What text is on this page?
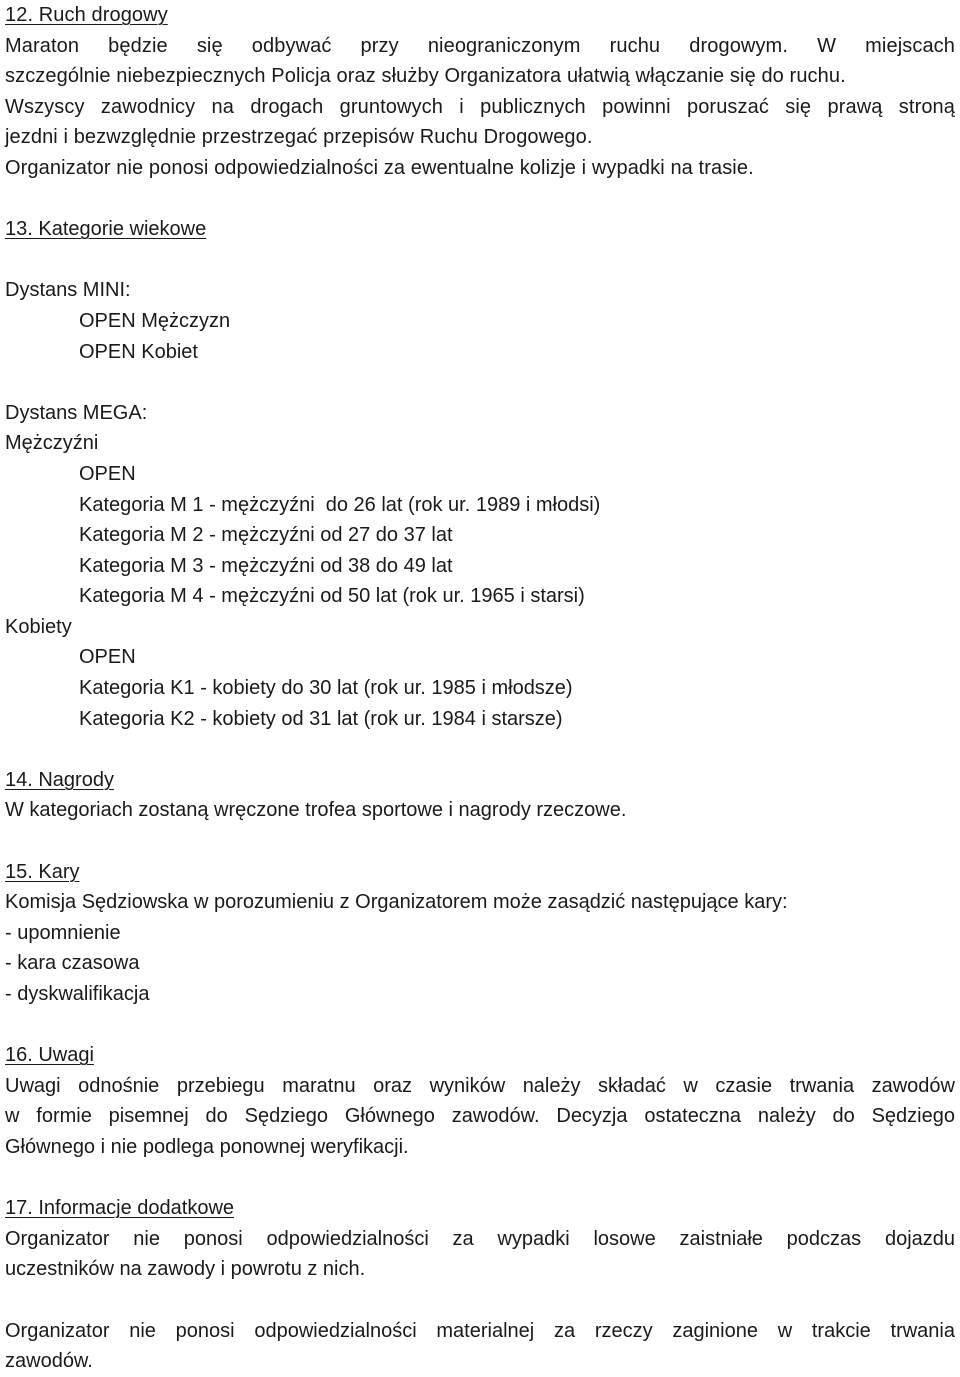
12. Ruch drogowy
Maraton będzie się odbywać przy nieograniczonym ruchu drogowym. W miejscach
szczególnie niebezpiecznych Policja oraz służby Organizatora ułatwią włączanie się do ruchu.
Wszyscy zawodnicy na drogach gruntowych i publicznych powinni poruszać się prawą stroną
jezdni i bezwzględnie przestrzegać przepisów Ruchu Drogowego.
Organizator nie ponosi odpowiedzialności za ewentualne kolizje i wypadki na trasie.
13. Kategorie wiekowe
Dystans MINI:
OPEN Mężczyzn
OPEN Kobiet
Dystans MEGA:
Mężczyźni
OPEN
Kategoria M 1 - mężczyźni  do 26 lat (rok ur. 1989 i młodsi)
Kategoria M 2 - mężczyźni od 27 do 37 lat
Kategoria M 3 - mężczyźni od 38 do 49 lat
Kategoria M 4 - mężczyźni od 50 lat (rok ur. 1965 i starsi)
Kobiety
OPEN
Kategoria K1 - kobiety do 30 lat (rok ur. 1985 i młodsze)
Kategoria K2 - kobiety od 31 lat (rok ur. 1984 i starsze)
14. Nagrody
W kategoriach zostaną wręczone trofea sportowe i nagrody rzeczowe.
15. Kary
Komisja Sędziowska w porozumieniu z Organizatorem może zasądzić następujące kary:
- upomnienie
- kara czasowa
- dyskwalifikacja
16. Uwagi
Uwagi odnośnie przebiegu maratnu oraz wyników należy składać w czasie trwania zawodów
w formie pisemnej do Sędziego Głównego zawodów. Decyzja ostateczna należy do Sędziego
Głównego i nie podlega ponownej weryfikacji.
17. Informacje dodatkowe
Organizator nie ponosi odpowiedzialności za wypadki losowe zaistniałe podczas dojazdu
uczestników na zawody i powrotu z nich.
Organizator nie ponosi odpowiedzialności materialnej za rzeczy zaginione w trakcie trwania
zawodów.
